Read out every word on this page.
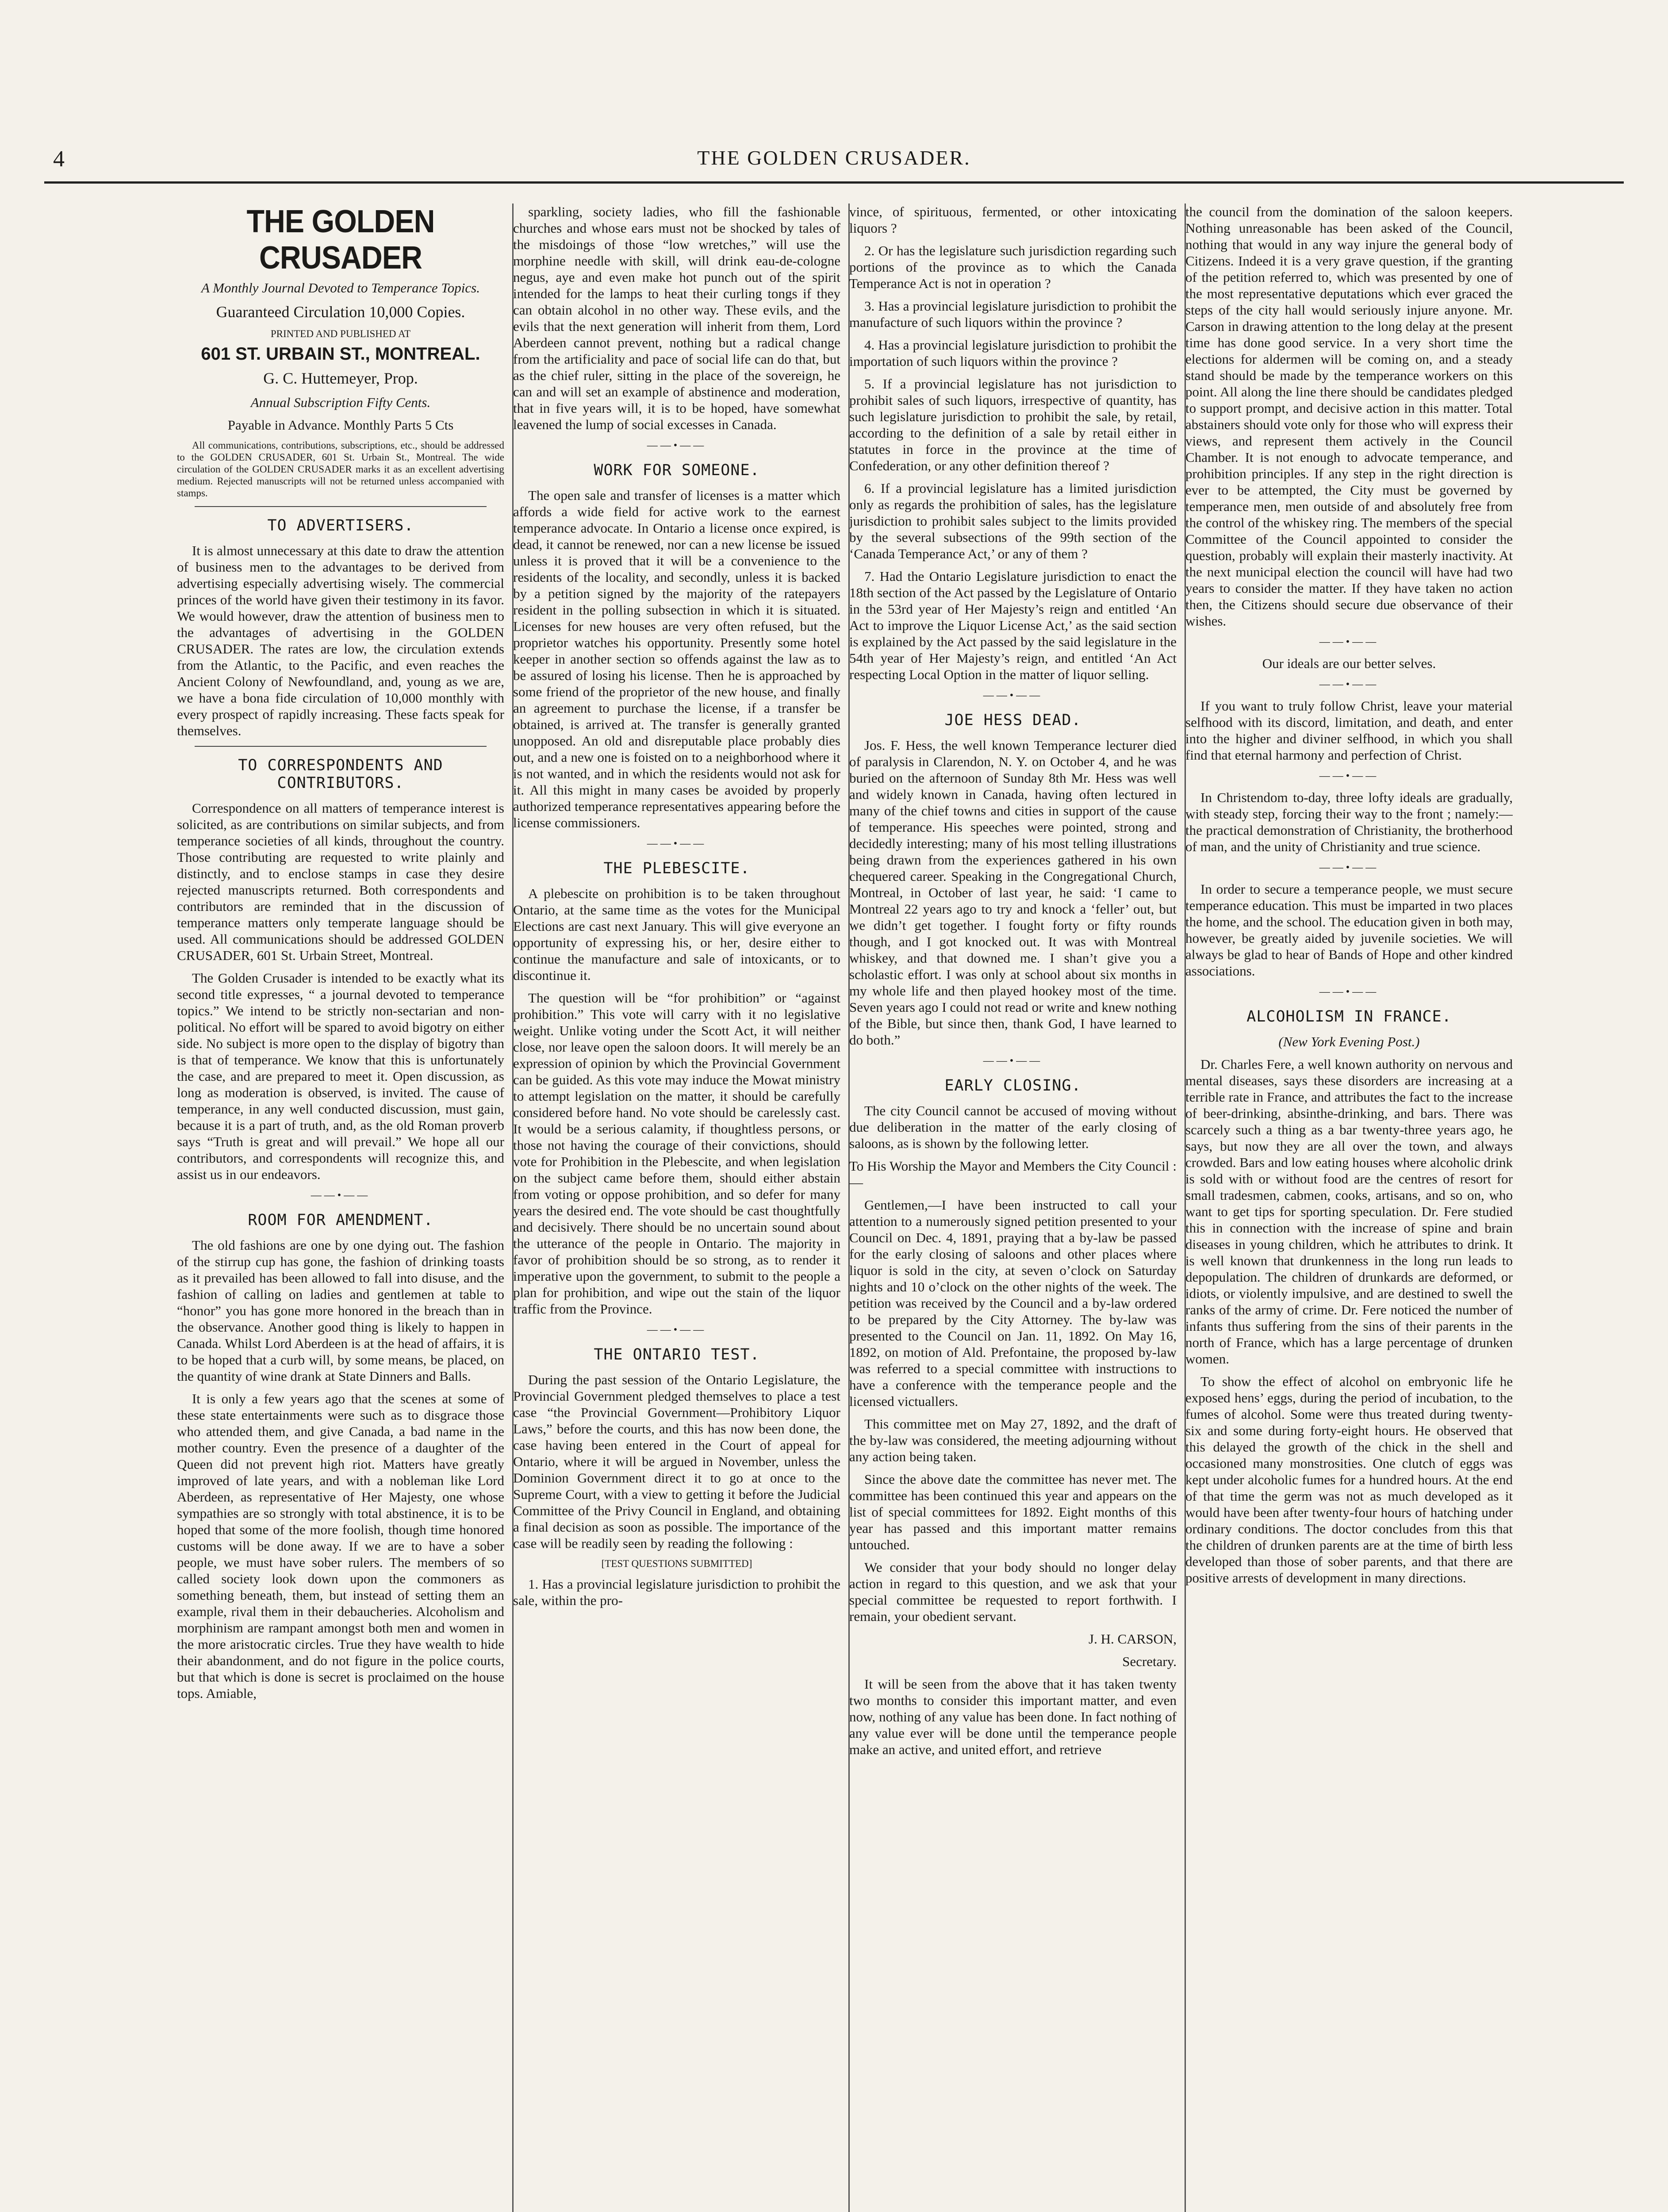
4	THE GOLDEN CRUSADER.
THE GOLDEN CRUSADER

A Monthly Journal Devoted to Temperance Topics.

Guaranteed Circulation 10,000 Copies.

PRINTED AND PUBLISHED AT

601 ST. URBAIN ST., MONTREAL.

G. C. Huttemeyer, Prop.

Annual Subscription Fifty Cents.

Payable in Advance. Monthly Parts 5 Cts

All communications, contributions, subscriptions, etc., should be addressed to the GOLDEN CRUSADER, 601 St. Urbain St., Montreal. The wide circulation of the GOLDEN CRUSADER marks it as an excellent advertising medium. Rejected manuscripts will not be returned unless accompanied with stamps.

TO ADVERTISERS.

It is almost unnecessary at this date to draw the attention of business men to the advantages to be derived from advertising especially advertising wisely. The commercial princes of the world have given their testimony in its favor. We would however, draw the attention of business men to the advantages of advertising in the GOLDEN CRUSADER. The rates are low, the circulation extends from the Atlantic, to the Pacific, and even reaches the Ancient Colony of Newfoundland, and, young as we are, we have a bona fide circulation of 10,000 monthly with every prospect of rapidly increasing. These facts speak for themselves.

TO CORRESPONDENTS AND CONTRIBUTORS.

Correspondence on all matters of temperance interest is solicited, as are contributions on similar subjects, and from temperance societies of all kinds, throughout the country. Those contributing are requested to write plainly and distinctly, and to enclose stamps in case they desire rejected manuscripts returned. Both correspondents and contributors are reminded that in the discussion of temperance matters only temperate language should be used. All communications should be addressed GOLDEN CRUSADER, 601 St. Urbain Street, Montreal.

The Golden Crusader is intended to be exactly what its second title expresses, “ a journal devoted to temperance topics.” We intend to be strictly non-sectarian and non-political. No effort will be spared to avoid bigotry on either side. No subject is more open to the display of bigotry than is that of temperance. We know that this is unfortunately the case, and are prepared to meet it. Open discussion, as long as moderation is observed, is invited. The cause of temperance, in any well conducted discussion, must gain, because it is a part of truth, and, as the old Roman proverb says “Truth is great and will prevail.” We hope all our contributors, and correspondents will recognize this, and assist us in our endeavors.

——•——
ROOM FOR AMENDMENT.

The old fashions are one by one dying out. The fashion of the stirrup cup has gone, the fashion of drinking toasts as it prevailed has been allowed to fall into disuse, and the fashion of calling on ladies and gentlemen at table to “honor” you has gone more honored in the breach than in the observance. Another good thing is likely to happen in Canada. Whilst Lord Aberdeen is at the head of affairs, it is to be hoped that a curb will, by some means, be placed, on the quantity of wine drank at State Dinners and Balls.

It is only a few years ago that the scenes at some of these state entertainments were such as to disgrace those who attended them, and give Canada, a bad name in the mother country. Even the presence of a daughter of the Queen did not prevent high riot. Matters have greatly improved of late years, and with a nobleman like Lord Aberdeen, as representative of Her Majesty, one whose sympathies are so strongly with total abstinence, it is to be hoped that some of the more foolish, though time honored customs will be done away. If we are to have a sober people, we must have sober rulers. The members of so called society look down upon the commoners as something beneath, them, but instead of setting them an example, rival them in their debaucheries. Alcoholism and morphinism are rampant amongst both men and women in the more aristocratic circles. True they have wealth to hide their abandonment, and do not figure in the police courts, but that which is done is secret is proclaimed on the house tops. Amiable,

sparkling, society ladies, who fill the fashionable churches and whose ears must not be shocked by tales of the misdoings of those “low wretches,” will use the morphine needle with skill, will drink eau-de-cologne negus, aye and even make hot punch out of the spirit intended for the lamps to heat their curling tongs if they can obtain alcohol in no other way. These evils, and the evils that the next generation will inherit from them, Lord Aberdeen cannot prevent, nothing but a radical change from the artificiality and pace of social life can do that, but as the chief ruler, sitting in the place of the sovereign, he can and will set an example of abstinence and moderation, that in five years will, it is to be hoped, have somewhat leavened the lump of social excesses in Canada.

——•——
WORK FOR SOMEONE.

The open sale and transfer of licenses is a matter which affords a wide field for active work to the earnest temperance advocate. In Ontario a license once expired, is dead, it cannot be renewed, nor can a new license be issued unless it is proved that it will be a convenience to the residents of the locality, and secondly, unless it is backed by a petition signed by the majority of the ratepayers resident in the polling subsection in which it is situated. Licenses for new houses are very often refused, but the proprietor watches his opportunity. Presently some hotel keeper in another section so offends against the law as to be assured of losing his license. Then he is approached by some friend of the proprietor of the new house, and finally an agreement to purchase the license, if a transfer be obtained, is arrived at. The transfer is generally granted unopposed. An old and disreputable place probably dies out, and a new one is foisted on to a neighborhood where it is not wanted, and in which the residents would not ask for it. All this might in many cases be avoided by properly authorized temperance representatives appearing before the license commissioners.

——•——
THE PLEBESCITE.

A plebescite on prohibition is to be taken throughout Ontario, at the same time as the votes for the Municipal Elections are cast next January. This will give everyone an opportunity of expressing his, or her, desire either to continue the manufacture and sale of intoxicants, or to discontinue it.

The question will be “for prohibition” or “against prohibition.” This vote will carry with it no legislative weight. Unlike voting under the Scott Act, it will neither close, nor leave open the saloon doors. It will merely be an expression of opinion by which the Provincial Government can be guided. As this vote may induce the Mowat ministry to attempt legislation on the matter, it should be carefully considered before hand. No vote should be carelessly cast. It would be a serious calamity, if thoughtless persons, or those not having the courage of their convictions, should vote for Prohibition in the Plebescite, and when legislation on the subject came before them, should either abstain from voting or oppose prohibition, and so defer for many years the desired end. The vote should be cast thoughtfully and decisively. There should be no uncertain sound about the utterance of the people in Ontario. The majority in favor of prohibition should be so strong, as to render it imperative upon the government, to submit to the people a plan for prohibition, and wipe out the stain of the liquor traffic from the Province.

——•——
THE ONTARIO TEST.

During the past session of the Ontario Legislature, the Provincial Government pledged themselves to place a test case “the Provincial Government—Prohibitory Liquor Laws,” before the courts, and this has now been done, the case having been entered in the Court of appeal for Ontario, where it will be argued in November, unless the Dominion Government direct it to go at once to the Supreme Court, with a view to getting it before the Judicial Committee of the Privy Council in England, and obtaining a final decision as soon as possible. The importance of the case will be readily seen by reading the following :

[TEST QUESTIONS SUBMITTED]

1. Has a provincial legislature jurisdiction to prohibit the sale, within the pro-

vince, of spirituous, fermented, or other intoxicating liquors ?

2. Or has the legislature such jurisdiction regarding such portions of the province as to which the Canada Temperance Act is not in operation ?

3. Has a provincial legislature jurisdiction to prohibit the manufacture of such liquors within the province ?

4. Has a provincial legislature jurisdiction to prohibit the importation of such liquors within the province ?

5. If a provincial legislature has not jurisdiction to prohibit sales of such liquors, irrespective of quantity, has such legislature jurisdiction to prohibit the sale, by retail, according to the definition of a sale by retail either in statutes in force in the province at the time of Confederation, or any other definition thereof ?

6. If a provincial legislature has a limited jurisdiction only as regards the prohibition of sales, has the legislature jurisdiction to prohibit sales subject to the limits provided by the several subsections of the 99th section of the ‘Canada Temperance Act,’ or any of them ?

7. Had the Ontario Legislature jurisdiction to enact the 18th section of the Act passed by the Legislature of Ontario in the 53rd year of Her Majesty’s reign and entitled ‘An Act to improve the Liquor License Act,’ as the said section is explained by the Act passed by the said legislature in the 54th year of Her Majesty’s reign, and entitled ‘An Act respecting Local Option in the matter of liquor selling.

——•——
JOE HESS DEAD.

Jos. F. Hess, the well known Temperance lecturer died of paralysis in Clarendon, N. Y. on October 4, and he was buried on the afternoon of Sunday 8th Mr. Hess was well and widely known in Canada, having often lectured in many of the chief towns and cities in support of the cause of temperance. His speeches were pointed, strong and decidedly interesting; many of his most telling illustrations being drawn from the experiences gathered in his own chequered career. Speaking in the Congregational Church, Montreal, in October of last year, he said: ‘I came to Montreal 22 years ago to try and knock a ‘feller’ out, but we didn’t get together. I fought forty or fifty rounds though, and I got knocked out. It was with Montreal whiskey, and that downed me. I shan’t give you a scholastic effort. I was only at school about six months in my whole life and then played hookey most of the time. Seven years ago I could not read or write and knew nothing of the Bible, but since then, thank God, I have learned to do both.”

——•——
EARLY CLOSING.

The city Council cannot be accused of moving without due deliberation in the matter of the early closing of saloons, as is shown by the following letter.

To His Worship the Mayor and Members the City Council :—

Gentlemen,—I have been instructed to call your attention to a numerously signed petition presented to your Council on Dec. 4, 1891, praying that a by-law be passed for the early closing of saloons and other places where liquor is sold in the city, at seven o’clock on Saturday nights and 10 o’clock on the other nights of the week. The petition was received by the Council and a by-law ordered to be prepared by the City Attorney. The by-law was presented to the Council on Jan. 11, 1892. On May 16, 1892, on motion of Ald. Prefontaine, the proposed by-law was referred to a special committee with instructions to have a conference with the temperance people and the licensed victuallers.

This committee met on May 27, 1892, and the draft of the by-law was considered, the meeting adjourning without any action being taken.

Since the above date the committee has never met. The committee has been continued this year and appears on the list of special committees for 1892. Eight months of this year has passed and this important matter remains untouched.

We consider that your body should no longer delay action in regard to this question, and we ask that your special committee be requested to report forthwith. I remain, your obedient servant.

J. H. CARSON,

Secretary.

It will be seen from the above that it has taken twenty two months to consider this important matter, and even now, nothing of any value has been done. In fact nothing of any value ever will be done until the temperance people make an active, and united effort, and retrieve

the council from the domination of the saloon keepers. Nothing unreasonable has been asked of the Council, nothing that would in any way injure the general body of Citizens. Indeed it is a very grave question, if the granting of the petition referred to, which was presented by one of the most representative deputations which ever graced the steps of the city hall would seriously injure anyone. Mr. Carson in drawing attention to the long delay at the present time has done good service. In a very short time the elections for aldermen will be coming on, and a steady stand should be made by the temperance workers on this point. All along the line there should be candidates pledged to support prompt, and decisive action in this matter. Total abstainers should vote only for those who will express their views, and represent them actively in the Council Chamber. It is not enough to advocate temperance, and prohibition principles. If any step in the right direction is ever to be attempted, the City must be governed by temperance men, men outside of and absolutely free from the control of the whiskey ring. The members of the special Committee of the Council appointed to consider the question, probably will explain their masterly inactivity. At the next municipal election the council will have had two years to consider the matter. If they have taken no action then, the Citizens should secure due observance of their wishes.

——•——

Our ideals are our better selves.

——•——

If you want to truly follow Christ, leave your material selfhood with its discord, limitation, and death, and enter into the higher and diviner selfhood, in which you shall find that eternal harmony and perfection of Christ.

——•——

In Christendom to-day, three lofty ideals are gradually, with steady step, forcing their way to the front ; namely:—the practical demonstration of Christianity, the brotherhood of man, and the unity of Christianity and true science.

——•——

In order to secure a temperance people, we must secure temperance education. This must be imparted in two places the home, and the school. The education given in both may, however, be greatly aided by juvenile societies. We will always be glad to hear of Bands of Hope and other kindred associations.

——•——
ALCOHOLISM IN FRANCE.

(New York Evening Post.)

Dr. Charles Fere, a well known authority on nervous and mental diseases, says these disorders are increasing at a terrible rate in France, and attributes the fact to the increase of beer-drinking, absinthe-drinking, and bars. There was scarcely such a thing as a bar twenty-three years ago, he says, but now they are all over the town, and always crowded. Bars and low eating houses where alcoholic drink is sold with or without food are the centres of resort for small tradesmen, cabmen, cooks, artisans, and so on, who want to get tips for sporting speculation. Dr. Fere studied this in connection with the increase of spine and brain diseases in young children, which he attributes to drink. It is well known that drunkenness in the long run leads to depopulation. The children of drunkards are deformed, or idiots, or violently impulsive, and are destined to swell the ranks of the army of crime. Dr. Fere noticed the number of infants thus suffering from the sins of their parents in the north of France, which has a large percentage of drunken women.

To show the effect of alcohol on embryonic life he exposed hens’ eggs, during the period of incubation, to the fumes of alcohol. Some were thus treated during twenty-six and some during forty-eight hours. He observed that this delayed the growth of the chick in the shell and occasioned many monstrosities. One clutch of eggs was kept under alcoholic fumes for a hundred hours. At the end of that time the germ was not as much developed as it would have been after twenty-four hours of hatching under ordinary conditions. The doctor concludes from this that the children of drunken parents are at the time of birth less developed than those of sober parents, and that there are positive arrests of development in many directions.
